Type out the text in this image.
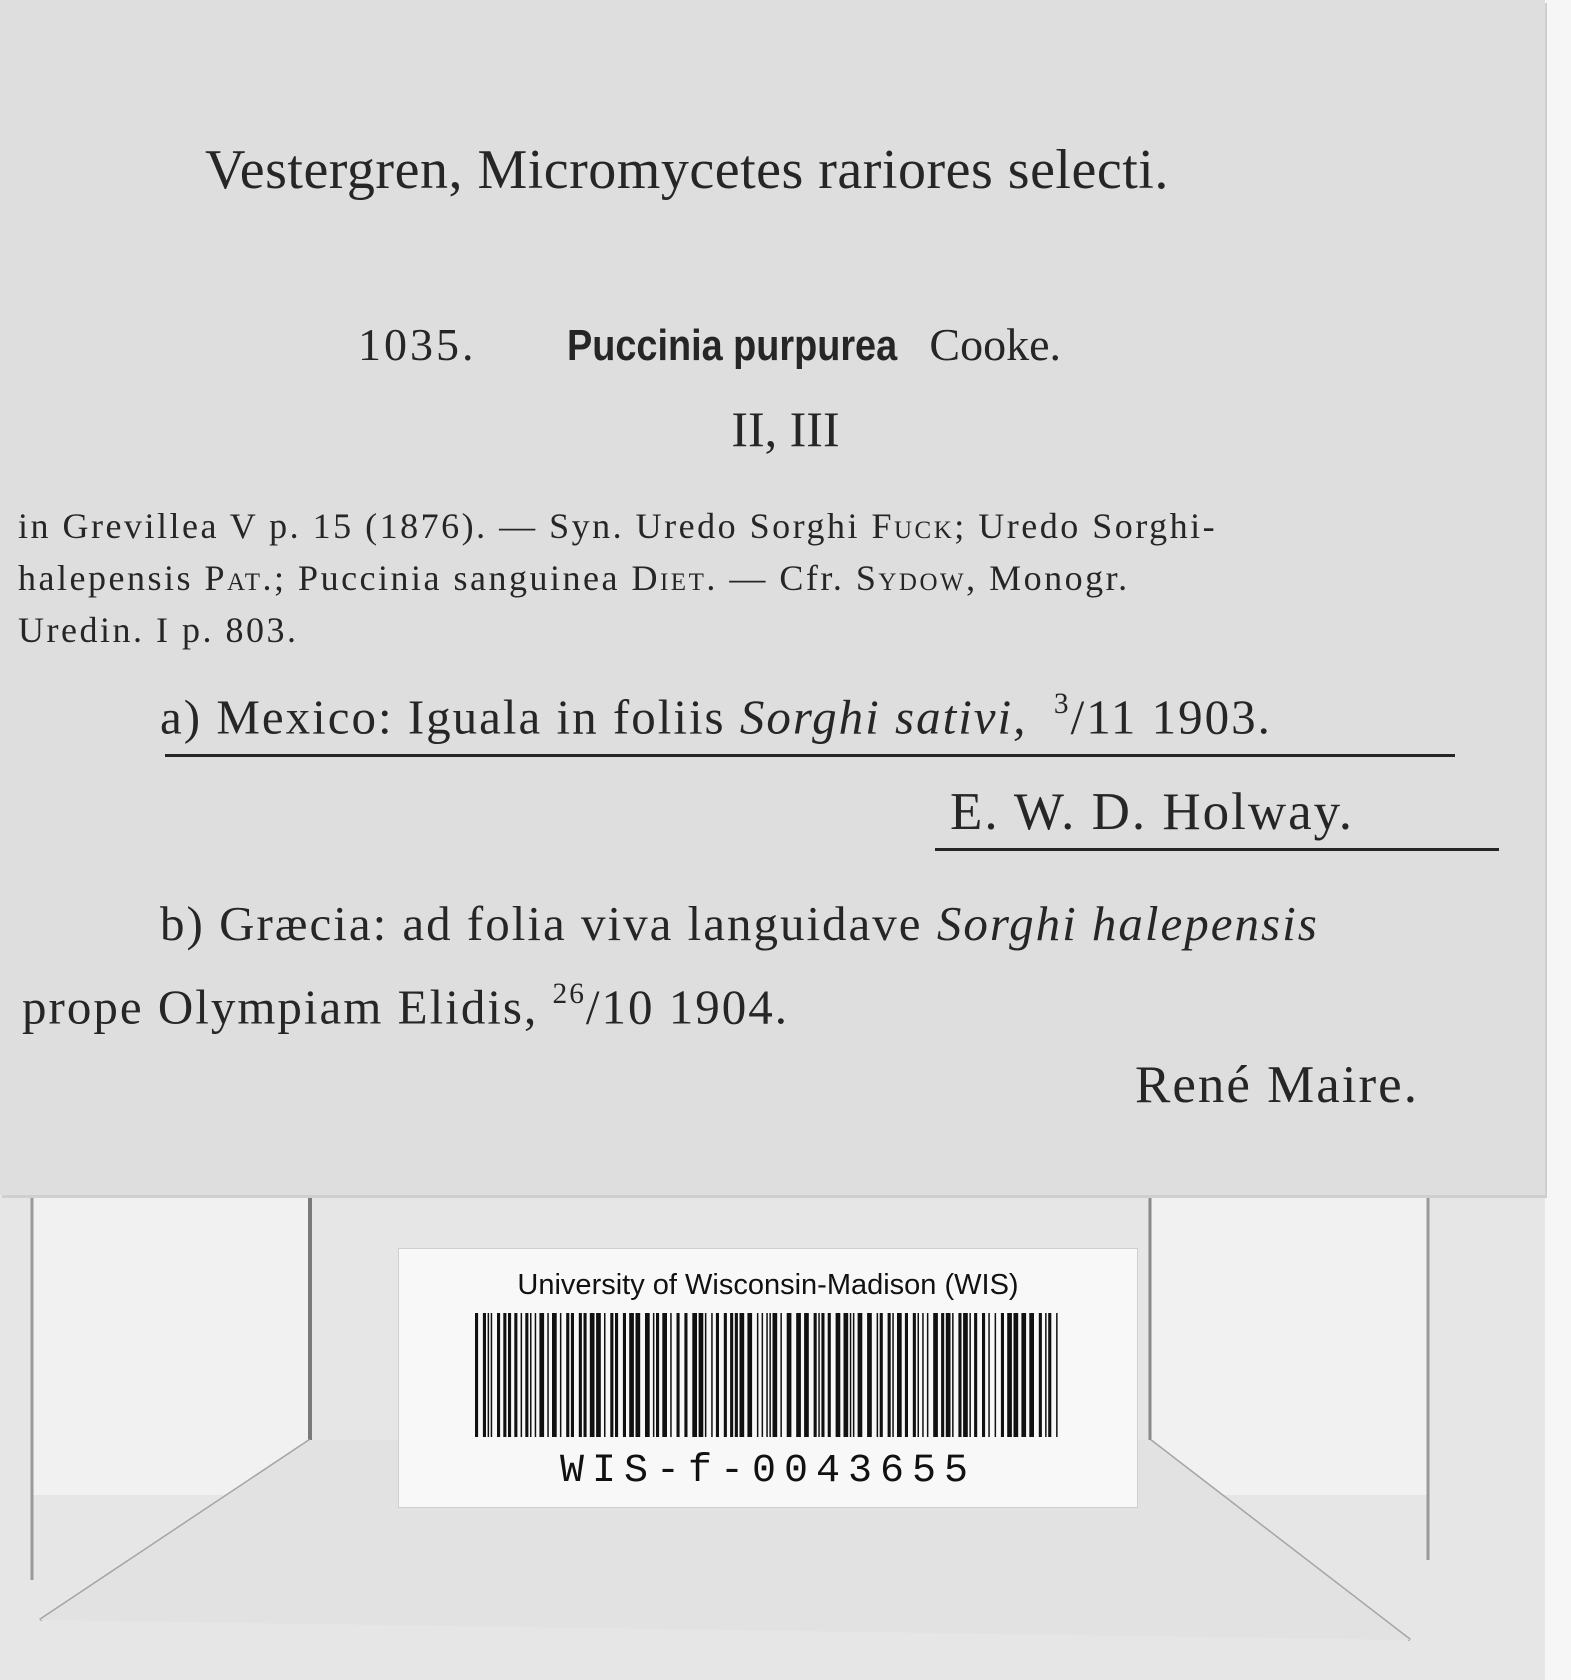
Vestergren, Micromycetes rariores selecti.
1035. Puccinia purpurea  Cooke.
II, III
in Grevillea V p. 15 (1876). — Syn. Uredo Sorghi Fuck; Uredo Sorghi-
halepensis Pat.; Puccinia sanguinea Diet. — Cfr. Sydow, Monogr.
Uredin. I p. 803.
a) Mexico: Iguala in foliis Sorghi sativi,  $^3$/11 1903.
E. W. D. Holway.
b) Græcia: ad folia viva languidave Sorghi halepensis
prope Olympiam Elidis, $^{26}$/10 1904.
René Maire.
University of Wisconsin-Madison (WIS)
WIS-f-0043655
